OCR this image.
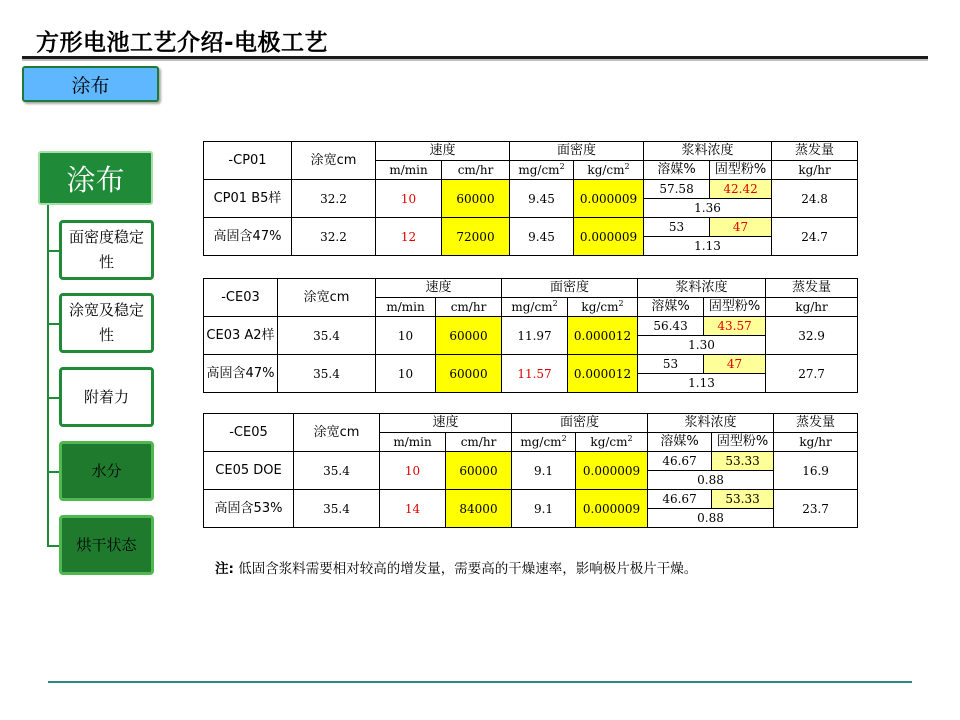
方形电池工艺介绍-电极工艺
涂布
涂布
面密度稳定性
涂宽及稳定性
附着力
水分
烘干状态
-CP01	涂宽cm	速度		面密度		浆料浓度		蒸发量
		m/min	cm/hr	$mg/cm^2$	$kg/cm^2$	溶媒%	固型粉%	kg/hr
CP01 B5样	32.2	10	60000	9.45	0.000009	57.58	42.42	24.8
						1.36		
高固含47%	32.2	12	72000	9.45	0.000009	53	47	24.7
						1.13		
-CE03	涂宽cm	速度		面密度		浆料浓度		蒸发量
		m/min	cm/hr	$mg/cm^2$	$kg/cm^2$	溶媒%	固型粉%	kg/hr
CE03 A2样	35.4	10	60000	11.97	0.000012	56.43	43.57	32.9
						1.30		
高固含47%	35.4	10	60000	11.57	0.000012	53	47	27.7
						1.13		
-CE05	涂宽cm	速度		面密度		浆料浓度		蒸发量
		m/min	cm/hr	$mg/cm^2$	$kg/cm^2$	溶媒%	固型粉%	kg/hr
CE05 DOE	35.4	10	60000	9.1	0.000009	46.67	53.33	16.9
						0.88		
高固含53%	35.4	14	84000	9.1	0.000009	46.67	53.33	23.7
						0.88		
注: 低固含浆料需要相对较高的增发量，需要高的干燥速率，影响极片极片干燥。
